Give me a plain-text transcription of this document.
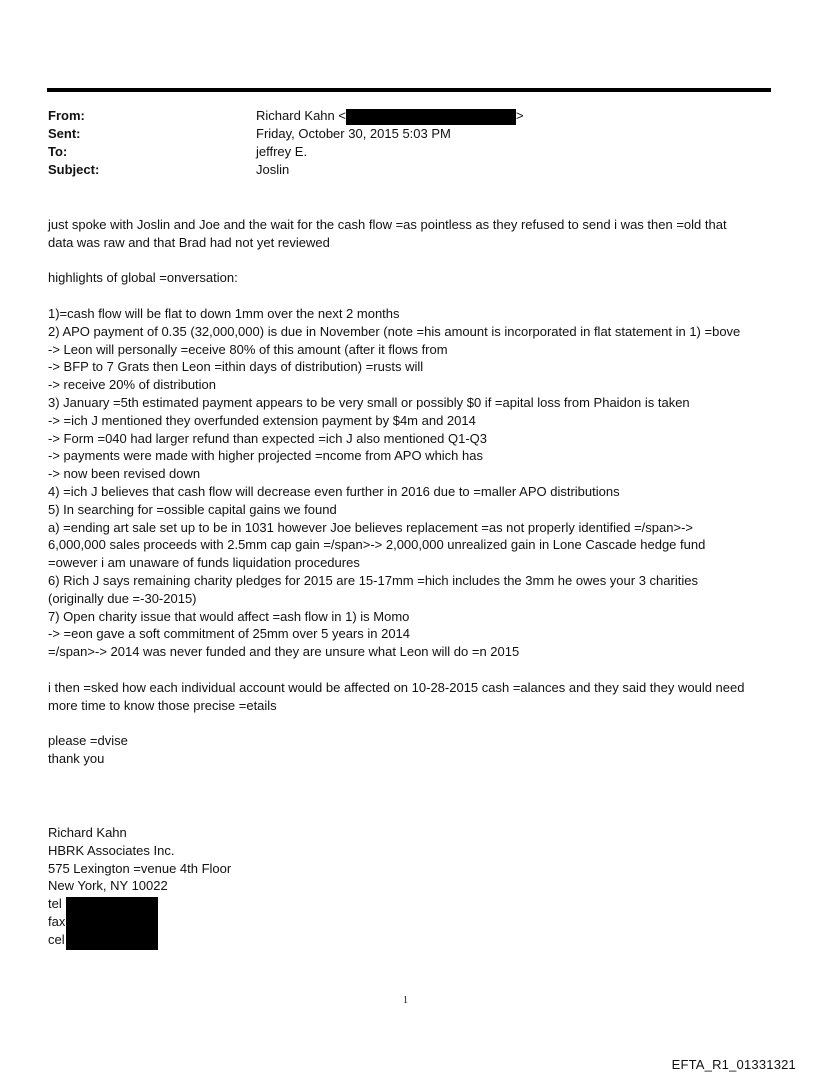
From:	Richard Kahn <	>
Sent:	Friday, October 30, 2015 5:03 PM
To:	jeffrey E.
Subject:	Joslin
just spoke with Joslin and Joe and the wait for the cash flow =as pointless as they refused to send i was then =old that
data was raw and that Brad had not yet reviewed
highlights of global =onversation:
1)=cash flow will be flat to down 1mm over the next 2 months
2) APO payment of 0.35 (32,000,000) is due in November (note =his amount is incorporated in flat statement in 1) =bove
-> Leon will personally =eceive 80% of this amount (after it flows from
-> BFP to 7 Grats then Leon =ithin days of distribution) =rusts will
-> receive 20% of distribution
3) January =5th estimated payment appears to be very small or possibly $0 if =apital loss from Phaidon is taken
-> =ich J mentioned they overfunded extension payment by $4m and 2014
-> Form =040 had larger refund than expected =ich J also mentioned Q1-Q3
-> payments were made with higher projected =ncome from APO which has
-> now been revised down
4) =ich J believes that cash flow will decrease even further in 2016 due to =maller APO distributions
5) In searching for =ossible capital gains we found
a) =ending art sale set up to be in 1031 however Joe believes replacement =as not properly identified =/span>->
6,000,000 sales proceeds with 2.5mm cap gain =/span>-> 2,000,000 unrealized gain in Lone Cascade hedge fund
=owever i am unaware of funds liquidation procedures
6) Rich J says remaining charity pledges for 2015 are 15-17mm =hich includes the 3mm he owes your 3 charities
(originally due =-30-2015)
7) Open charity issue that would affect =ash flow in 1) is Momo
-> =eon gave a soft commitment of 25mm over 5 years in 2014
=/span>-> 2014 was never funded and they are unsure what Leon will do =n 2015
i then =sked how each individual account would be affected on 10-28-2015 cash =alances and they said they would need
more time to know those precise =etails
please =dvise
thank you
Richard Kahn
HBRK Associates Inc.
575 Lexington =venue 4th Floor
New York, NY 10022
tel
fax
cel
1
EFTA_R1_01331321
